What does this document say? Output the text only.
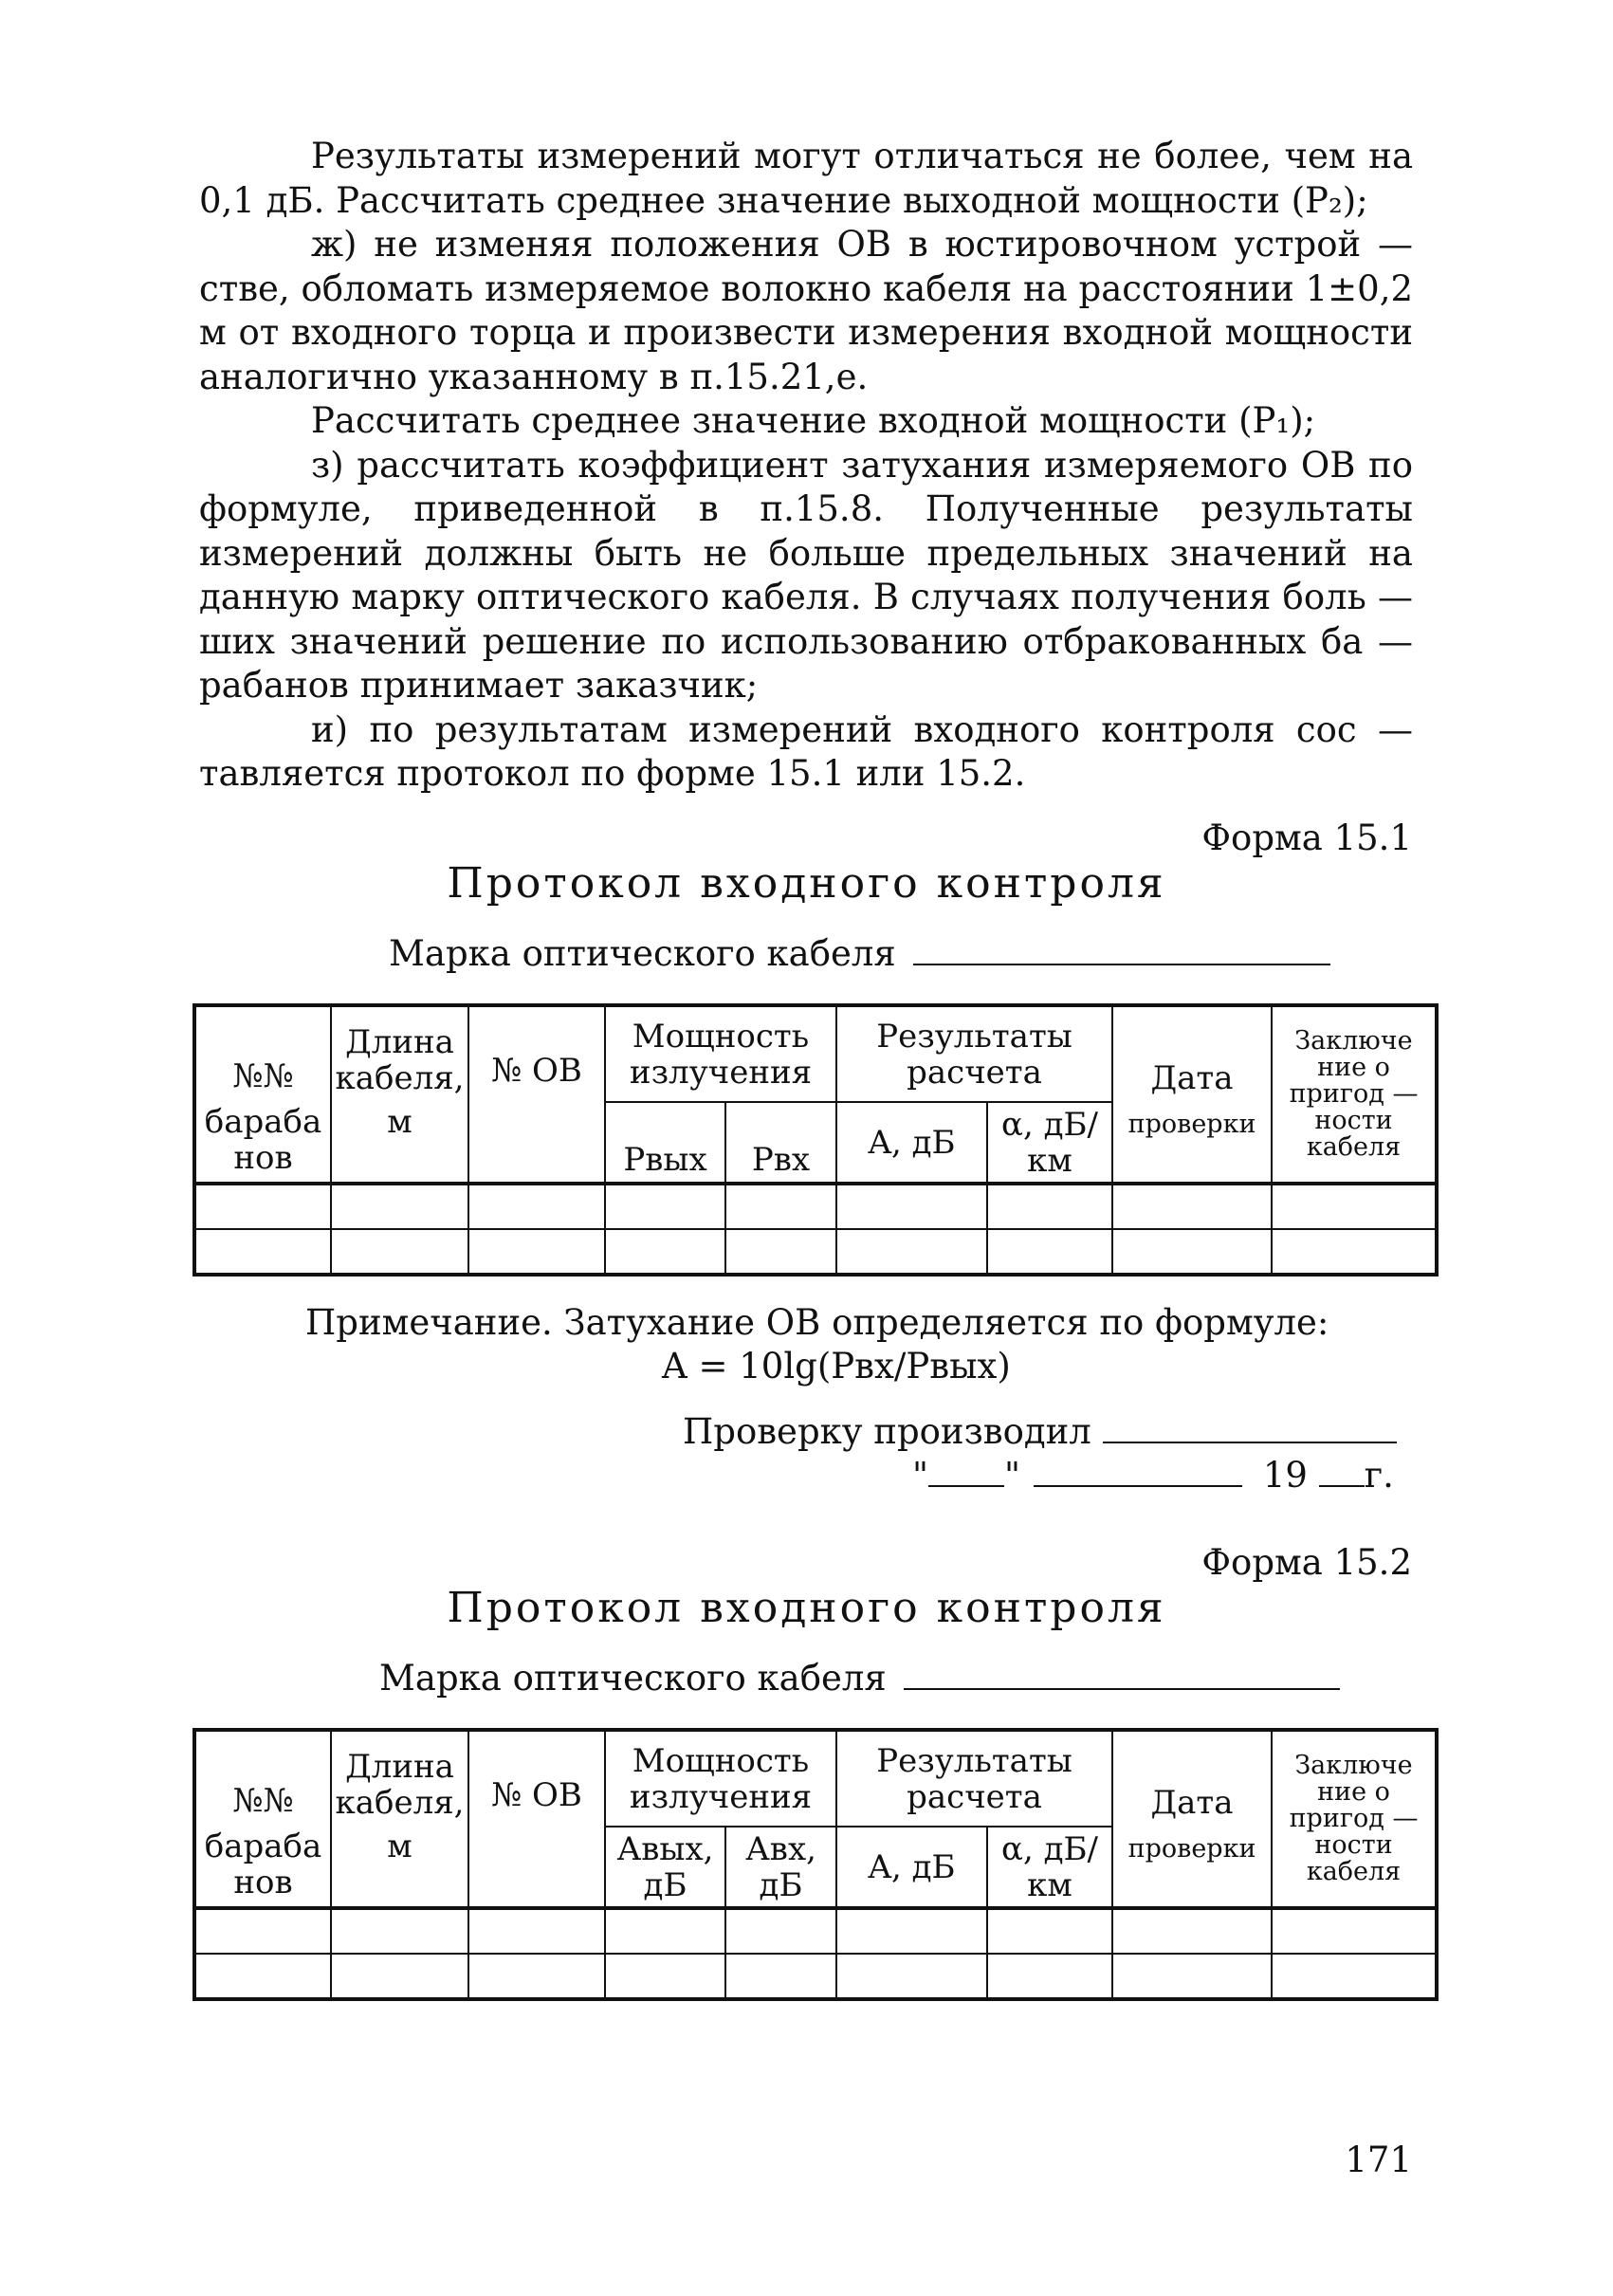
Результаты измерений могут отличаться не более, чем на 0,1 дБ. Рассчитать среднее значение выходной мощности (P₂);

ж) не изменяя положения ОВ в юстировочном устрой — стве, обломать измеряемое волокно кабеля на расстоянии 1±0,2 м от входного торца и произвести измерения входной мощности аналогично указанному в п.15.21,е.

Рассчитать среднее значение входной мощности (P₁);

з) рассчитать коэффициент затухания измеряемого ОВ по формуле, приведенной в п.15.8. Полученные результаты измерений должны быть не больше предельных значений на данную марку оптического кабеля. В случаях получения боль — ших значений решение по использованию отбракованных ба — рабанов принимает заказчик;

и) по результатам измерений входного контроля сос — тавляется протокол по форме 15.1 или 15.2.

Форма 15.1
Протокол входного контроля
Марка оптического кабеля
№№	Длина кабеля,	№ ОВ	Мощность излучения		Результаты расчета		Дата	Заключе ние о пригод — ности кабеля
бараба нов	м		Pвых	Pвх	A, дБ	α, дБ/км	проверки	

Примечание. Затухание ОВ определяется по формуле:
A = 10lg(Pвх/Pвых)
Проверку производил
" "	19 г.
Форма 15.2
Протокол входного контроля
Марка оптического кабеля
№№	Длина кабеля,	№ ОВ	Мощность излучения		Результаты расчета		Дата	Заключе ние о пригод — ности кабеля
бараба нов	м		Авых, дБ	Авх, дБ	A, дБ	α, дБ/км	проверки	

171
